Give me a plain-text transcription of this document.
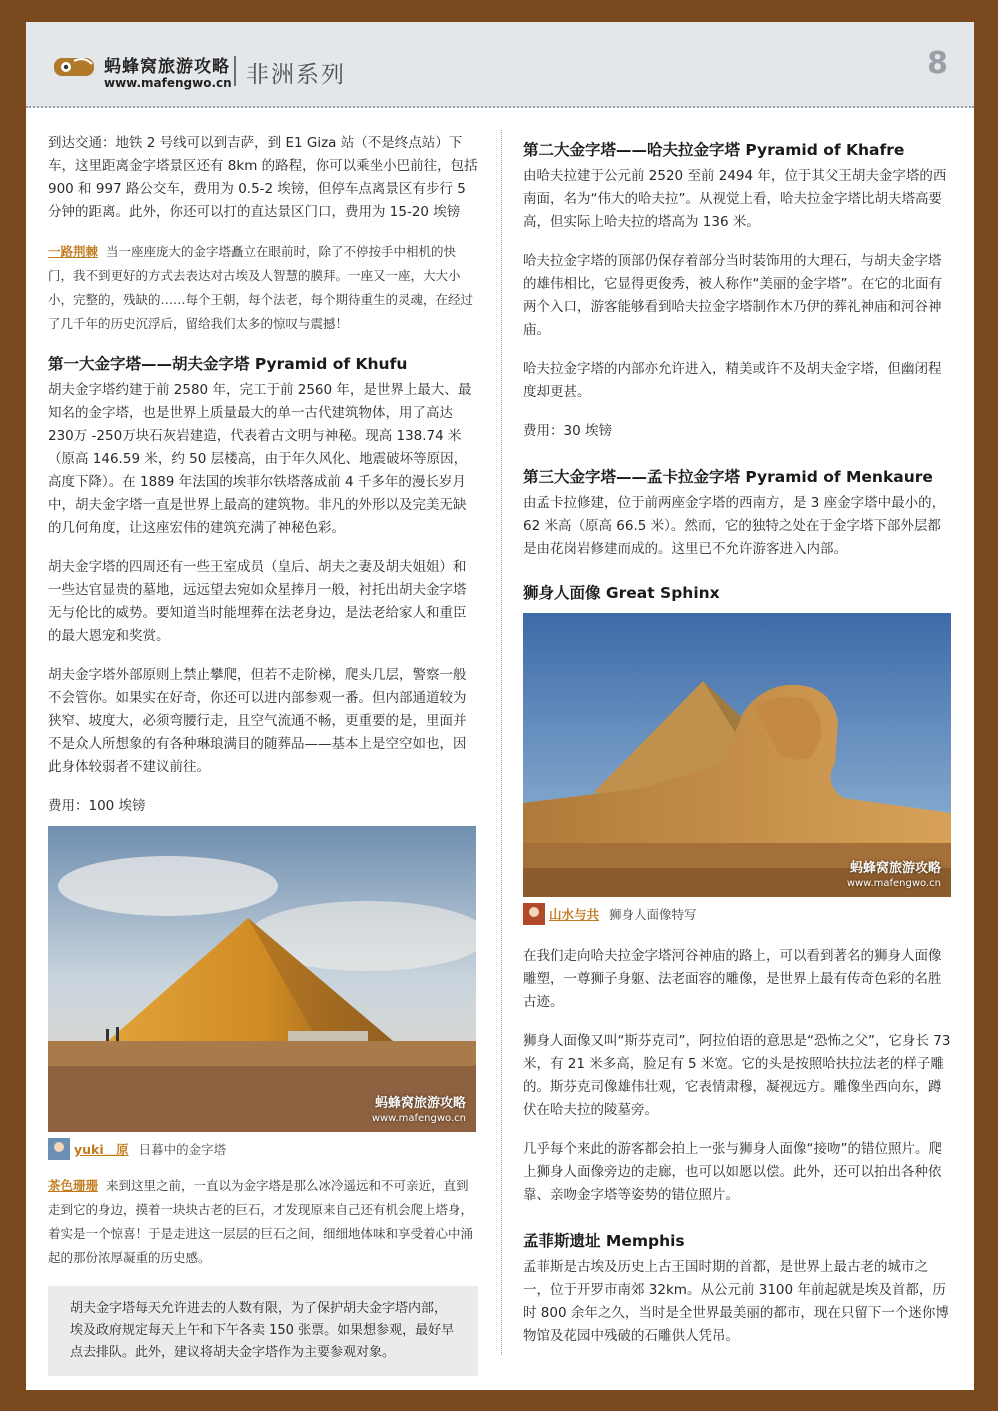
蚂蜂窝旅游攻略
www.mafengwo.cn 非洲系列	8

到达交通：地铁 2 号线可以到吉萨，到 E1 Giza 站（不是终点站）下车，这里距离金字塔景区还有 8km 的路程，你可以乘坐小巴前往，包括 900 和 997 路公交车，费用为 0.5-2 埃镑，但停车点离景区有步行 5 分钟的距离。此外，你还可以打的直达景区门口，费用为 15-20 埃镑

一路荆棘 当一座座庞大的金字塔矗立在眼前时，除了不停按手中相机的快门，我不到更好的方式去表达对古埃及人智慧的膜拜。一座又一座，大大小小，完整的，残缺的……每个王朝，每个法老，每个期待重生的灵魂，在经过了几千年的历史沉浮后，留给我们太多的惊叹与震撼！
第一大金字塔——胡夫金字塔 Pyramid of Khufu

胡夫金字塔约建于前 2580 年，完工于前 2560 年，是世界上最大、最知名的金字塔，也是世界上质量最大的单一古代建筑物体，用了高达 230万 -250万块石灰岩建造，代表着古文明与神秘。现高 138.74 米（原高 146.59 米，约 50 层楼高，由于年久风化、地震破坏等原因，高度下降）。在 1889 年法国的埃菲尔铁塔落成前 4 千多年的漫长岁月中，胡夫金字塔一直是世界上最高的建筑物。非凡的外形以及完美无缺的几何角度，让这座宏伟的建筑充满了神秘色彩。

胡夫金字塔的四周还有一些王室成员（皇后、胡夫之妻及胡夫姐姐）和一些达官显贵的墓地，远远望去宛如众星捧月一般，衬托出胡夫金字塔无与伦比的威势。要知道当时能埋葬在法老身边，是法老给家人和重臣的最大恩宠和奖赏。

胡夫金字塔外部原则上禁止攀爬，但若不走阶梯，爬头几层，警察一般不会管你。如果实在好奇，你还可以进内部参观一番。但内部通道较为狭窄、坡度大，必须弯腰行走，且空气流通不畅，更重要的是，里面并不是众人所想象的有各种琳琅满目的随葬品——基本上是空空如也，因此身体较弱者不建议前往。

费用：100 埃镑

蚂蜂窝旅游攻略
www.mafengwo.cn
yuki＿原 日暮中的金字塔
茶色珊珊 来到这里之前，一直以为金字塔是那么冰冷遥远和不可亲近，直到走到它的身边，摸着一块块古老的巨石，才发现原来自己还有机会爬上塔身，着实是一个惊喜！于是走进这一层层的巨石之间，细细地体味和享受着心中涌起的那份浓厚凝重的历史感。

胡夫金字塔每天允许进去的人数有限，为了保护胡夫金字塔内部，埃及政府规定每天上午和下午各卖 150 张票。如果想参观，最好早点去排队。此外，建议将胡夫金字塔作为主要参观对象。

第二大金字塔——哈夫拉金字塔 Pyramid of Khafre

由哈夫拉建于公元前 2520 至前 2494 年，位于其父王胡夫金字塔的西南面，名为“伟大的哈夫拉”。从视觉上看，哈夫拉金字塔比胡夫塔高要高，但实际上哈夫拉的塔高为 136 米。

哈夫拉金字塔的顶部仍保存着部分当时装饰用的大理石，与胡夫金字塔的雄伟相比，它显得更俊秀，被人称作“美丽的金字塔”。在它的北面有两个入口，游客能够看到哈夫拉金字塔制作木乃伊的葬礼神庙和河谷神庙。

哈夫拉金字塔的内部亦允许进入，精美或许不及胡夫金字塔，但幽闭程度却更甚。

费用：30 埃镑

第三大金字塔——孟卡拉金字塔 Pyramid of Menkaure

由孟卡拉修建，位于前两座金字塔的西南方，是 3 座金字塔中最小的，62 米高（原高 66.5 米）。然而，它的独特之处在于金字塔下部外层都是由花岗岩修建而成的。这里已不允许游客进入内部。

狮身人面像 Great Sphinx
蚂蜂窝旅游攻略
www.mafengwo.cn
山水与共 狮身人面像特写

在我们走向哈夫拉金字塔河谷神庙的路上，可以看到著名的狮身人面像雕塑，一尊狮子身躯、法老面容的雕像，是世界上最有传奇色彩的名胜古迹。

狮身人面像又叫“斯芬克司”，阿拉伯语的意思是“恐怖之父”，它身长 73 米，有 21 米多高，脸足有 5 米宽。它的头是按照哈扶拉法老的样子雕的。斯芬克司像雄伟壮观，它表情肃穆，凝视远方。雕像坐西向东，蹲伏在哈夫拉的陵墓旁。

几乎每个来此的游客都会拍上一张与狮身人面像“接吻”的错位照片。爬上狮身人面像旁边的走廊，也可以如愿以偿。此外，还可以拍出各种依靠、亲吻金字塔等姿势的错位照片。

孟菲斯遗址 Memphis

孟菲斯是古埃及历史上古王国时期的首都，是世界上最古老的城市之一，位于开罗市南郊 32km。从公元前 3100 年前起就是埃及首都，历时 800 余年之久，当时是全世界最美丽的都市，现在只留下一个迷你博物馆及花园中残破的石雕供人凭吊。
